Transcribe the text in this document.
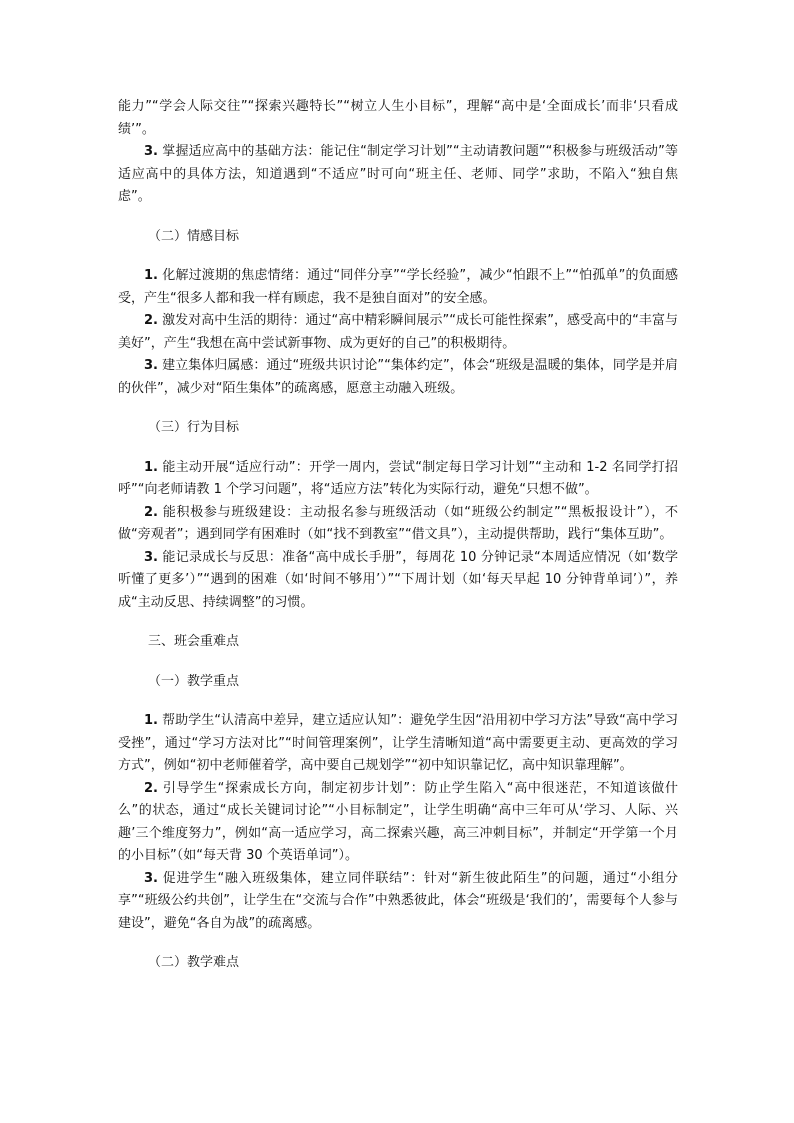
能力”“学会人际交往”“探索兴趣特长”“树立人生小目标”，理解“高中是‘全面成长’而非‘只看成绩’”。

3. 掌握适应高中的基础方法：能记住“制定学习计划”“主动请教问题”“积极参与班级活动”等适应高中的具体方法，知道遇到“不适应”时可向“班主任、老师、同学”求助，不陷入“独自焦虑”。

（二）情感目标

1. 化解过渡期的焦虑情绪：通过“同伴分享”“学长经验”，减少“怕跟不上”“怕孤单”的负面感受，产生“很多人都和我一样有顾虑，我不是独自面对”的安全感。

2. 激发对高中生活的期待：通过“高中精彩瞬间展示”“成长可能性探索”，感受高中的“丰富与美好”，产生“我想在高中尝试新事物、成为更好的自己”的积极期待。

3. 建立集体归属感：通过“班级共识讨论”“集体约定”，体会“班级是温暖的集体，同学是并肩的伙伴”，减少对“陌生集体”的疏离感，愿意主动融入班级。

（三）行为目标

1. 能主动开展“适应行动”：开学一周内，尝试“制定每日学习计划”“主动和 1-2 名同学打招呼”“向老师请教 1 个学习问题”，将“适应方法”转化为实际行动，避免“只想不做”。

2. 能积极参与班级建设：主动报名参与班级活动（如“班级公约制定”“黑板报设计”），不做“旁观者”；遇到同学有困难时（如“找不到教室”“借文具”），主动提供帮助，践行“集体互助”。

3. 能记录成长与反思：准备“高中成长手册”，每周花 10 分钟记录“本周适应情况（如‘数学听懂了更多’）”“遇到的困难（如‘时间不够用’）”“下周计划（如‘每天早起 10 分钟背单词’）”，养成“主动反思、持续调整”的习惯。

三、班会重难点

（一）教学重点

1. 帮助学生“认清高中差异，建立适应认知”：避免学生因“沿用初中学习方法”导致“高中学习受挫”，通过“学习方法对比”“时间管理案例”，让学生清晰知道“高中需要更主动、更高效的学习方式”，例如“初中老师催着学，高中要自己规划学”“初中知识靠记忆，高中知识靠理解”。

2. 引导学生“探索成长方向，制定初步计划”：防止学生陷入“高中很迷茫，不知道该做什么”的状态，通过“成长关键词讨论”“小目标制定”，让学生明确“高中三年可从‘学习、人际、兴趣’三个维度努力”，例如“高一适应学习，高二探索兴趣，高三冲刺目标”，并制定“开学第一个月的小目标”（如“每天背 30 个英语单词”）。

3. 促进学生“融入班级集体，建立同伴联结”：针对“新生彼此陌生”的问题，通过“小组分享”“班级公约共创”，让学生在“交流与合作”中熟悉彼此，体会“班级是‘我们的’，需要每个人参与建设”，避免“各自为战”的疏离感。

（二）教学难点
